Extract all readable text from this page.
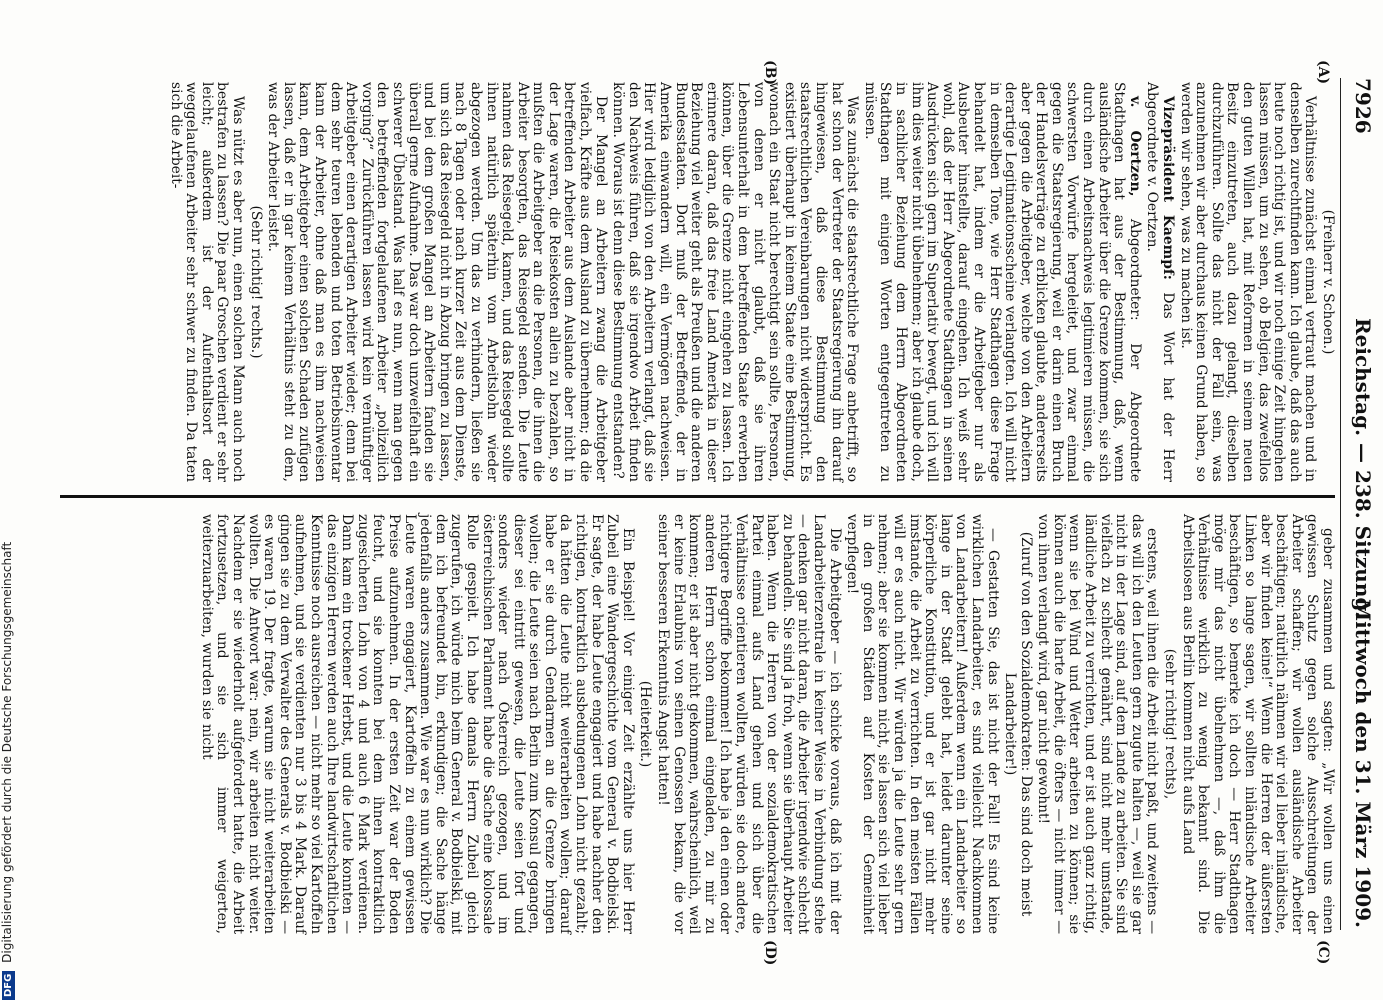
7926
Reichstag. — 238. Sitzung.
Mittwoch den 31. März 1909.
(A)
(B)
(C)
(D)

(Freiherr v. Schoen.)

Verhältnisse zunächst einmal vertraut machen und in denselben zurechtfinden kann. Ich glaube, daß das auch heute noch richtig ist, und wir noch einige Zeit hingehen lassen müssen, um zu sehen, ob Belgien, das zweifellos den guten Willen hat, mit Reformen in seinem neuen Besitz einzutreten, auch dazu gelangt, dieselben durchzuführen. Sollte das nicht der Fall sein, was anzunehmen wir aber durchaus keinen Grund haben, so werden wir sehen, was zu machen ist.

Vizepräsident Kaempf: Das Wort hat der Herr Abgeordnete v. Oertzen.

v. Oertzen, Abgeordneter: Der Abgeordnete Stadthagen hat aus der Bestimmung, daß, wenn ausländische Arbeiter über die Grenze kommen, sie sich durch einen Arbeitsnachweis legitimieren müssen, die schwersten Vorwürfe hergeleitet, und zwar einmal gegen die Staatsregierung, weil er darin einen Bruch der Handelsverträge zu erblicken glaubte, andererseits aber gegen die Arbeitgeber, welche von den Arbeitern derartige Legitimationsscheine verlangten. Ich will nicht in demselben Tone, wie Herr Stadthagen diese Frage behandelt hat, indem er die Arbeitgeber nur als Ausbeuter hinstellte, darauf eingehen. Ich weiß sehr wohl, daß der Herr Abgeordnete Stadthagen in seinen Ausdrücken sich gern im Superlativ bewegt, und ich will ihm dies weiter nicht übelnehmen; aber ich glaube doch, in sachlicher Beziehung dem Herrn Abgeordneten Stadthagen mit einigen Worten entgegentreten zu müssen.

Was zunächst die staatsrechtliche Frage anbetrifft, so hat schon der Vertreter der Staatsregierung ihn darauf hingewiesen, daß diese Bestimmung den staatsrechtlichen Vereinbarungen nicht widerspricht. Es existiert überhaupt in keinem Staate eine Bestimmung, wonach ein Staat nicht berechtigt sein sollte, Personen, von denen er nicht glaubt, daß sie ihren Lebensunterhalt in dem betreffenden Staate erwerben können, über die Grenze nicht eingehen zu lassen. Ich erinnere daran, daß das freie Land Amerika in dieser Beziehung viel weiter geht als Preußen und die anderen Bundesstaaten. Dort muß der Betreffende, der in Amerika einwandern will, ein Vermögen nachweisen. Hier wird lediglich von den Arbeitern verlangt, daß sie den Nachweis führen, daß sie irgendwo Arbeit finden können. Woraus ist denn diese Bestimmung entstanden?

Der Mangel an Arbeitern zwang die Arbeitgeber vielfach, Kräfte aus dem Ausland zu übernehmen; da die betreffenden Arbeiter aus dem Auslande aber nicht in der Lage waren, die Reisekosten allein zu bezahlen, so mußten die Arbeitgeber an die Personen, die ihnen die Arbeiter besorgten, das Reisegeld senden. Die Leute nahmen das Reisegeld, kamen, und das Reisegeld sollte ihnen natürlich späterhin vom Arbeitslohn wieder abgezogen werden. Um das zu verhindern, ließen sie nach 8 Tagen oder nach kurzer Zeit aus dem Dienste, um sich das Reisegeld nicht in Abzug bringen zu lassen, und bei dem großen Mangel an Arbeitern fanden sie überall gerne Aufnahme. Das war doch unzweifelhaft ein schwerer Übelstand. Was half es nun, wenn man gegen den betreffenden fortgelaufenen Arbeiter „polizeilich vorging?“ Zurückführen lassen wird kein vernünftiger Arbeitgeber einen derartigen Arbeiter wieder; denn bei dem sehr teuren lebenden und toten Betriebsinventar kann der Arbeiter, ohne daß man es ihm nachweisen kann, dem Arbeitgeber einen solchen Schaden zufügen lassen, daß er in gar keinem Verhältnis steht zu dem, was der Arbeiter leistet.

(Sehr richtig! rechts.)

Was nützt es aber nun, einen solchen Mann auch noch bestrafen zu lassen? Die paar Groschen verdient er sehr leicht; außerdem ist der Aufenthaltsort der weggelaufenen Arbeiter sehr schwer zu finden. Da taten sich die Arbeit-

geber zusammen und sagten: „Wir wollen uns einen gewissen Schutz gegen solche Ausschreitungen der Arbeiter schaffen; wir wollen ausländische Arbeiter beschäftigen; natürlich nähmen wir viel lieber inländische, aber wir finden keine!“ Wenn die Herren der äußersten Linken so lange sagen, wir sollten inländische Arbeiter beschäftigen, so bemerke ich doch — Herr Stadthagen möge mir das nicht übelnehmen —, daß ihm die Verhältnisse wirklich zu wenig bekannt sind. Die Arbeitslosen aus Berlin kommen nicht aufs Land

(sehr richtig! rechts),

erstens, weil ihnen die Arbeit nicht paßt, und zweitens — das will ich den Leuten gern zugute halten —, weil sie gar nicht in der Lage sind, auf dem Lande zu arbeiten. Sie sind vielfach zu schlecht genährt, sind nicht mehr umstande, ländliche Arbeit zu verrichten, und er ist auch ganz richtig, wenn sie bei Wind und Wetter arbeiten zu können; sie können auch die harte Arbeit, die öfters — nicht immer — von ihnen verlangt wird, gar nicht gewohnt!

(Zuruf von den Sozialdemokraten: Das sind doch meist Landarbeiter!)

— Gestatten Sie, das ist nicht der Fall! Es sind keine wirklichen Landarbeiter, es sind vielleicht Nachkommen von Landarbeitern! Außerdem wenn ein Landarbeiter so lange in der Stadt gelebt hat, leidet darunter seine körperliche Konstitution, und er ist gar nicht mehr imstande, die Arbeit zu verrichten. In den meisten Fällen will er es auch nicht. Wir würden ja die Leute sehr gern nehmen; aber sie kommen nicht, sie lassen sich viel lieber in den großen Städten auf Kosten der Gemeinheit verpflegen!

Die Arbeitgeber — ich schicke voraus, daß ich mit der Landarbeiterzentrale in keiner Weise in Verbindung stehe — denken gar nicht daran, die Arbeiter irgendwie schlecht zu behandeln. Sie sind ja froh, wenn sie überhaupt Arbeiter haben. Wenn die Herren von der sozialdemokratischen Partei einmal aufs Land gehen und sich über die Verhältnisse orientieren wollten, würden sie doch andere, richtigere Begriffe bekommen! Ich habe ja den einen oder anderen Herrn schon einmal eingeladen, zu mir zu kommen; er ist aber nicht gekommen, wahrscheinlich, weil er keine Erlaubnis von seinen Genossen bekam, die vor seiner besseren Erkenntnis Angst hatten!

(Heiterkeit.)

Ein Beispiel! Vor einiger Zeit erzählte uns hier Herr Zubeil eine Wandergeschichte vom General v. Bodbielski. Er sagte, der habe Leute engagiert und habe nachher den richtigen, kontraktlich ausbedungenen Lohn nicht gezahlt; da hätten die Leute nicht weiterarbeiten wollen; darauf habe er sie durch Gendarmen an die Grenze bringen wollen; die Leute seien nach Berlin zum Konsul gegangen, dieser sei eintritt gewesen, die Leute seien fort und sonders wieder nach Österreich gezogen, und im österreichischen Parlament habe die Sache eine kolossale Rolle gespielt. Ich habe damals Herrn Zubeil gleich zugerufen, ich würde mich beim General v. Bodbielski, mit dem ich befreundet bin, erkundigen; die Sache hänge jedenfalls anders zusammen. Wie war es nun wirklich? Die Leute waren engagiert, Kartoffeln zu einem gewissen Preise aufzunehmen. In der ersten Zeit war der Boden feucht, und sie konnten bei dem ihnen kontraktlich zugesicherten Lohn von 4 und auch 6 Mark verdienen. Dann kam ein trockener Herbst, und die Leute konnten — das einzigen Herren werden auch Ihre landwirtschaftlichen Kenntnisse noch ausreichen — nicht mehr so viel Kartoffeln aufnehmen, und sie verdienten nur 3 bis 4 Mark. Darauf gingen sie zu dem Verwalter des Generals v. Bodbielski — es waren 19. Der fragte, warum sie nicht weiterarbeiten wollten. Die Antwort war: nein, wir arbeiten nicht weiter. Nachdem er sie wiederholt aufgefordert hatte, die Arbeit fortzusetzen, und sie sich immer weigerten, weiterzuarbeiten, wurden sie nicht

DFG Digitalisierung gefördert durch die Deutsche Forschungsgemeinschaft
